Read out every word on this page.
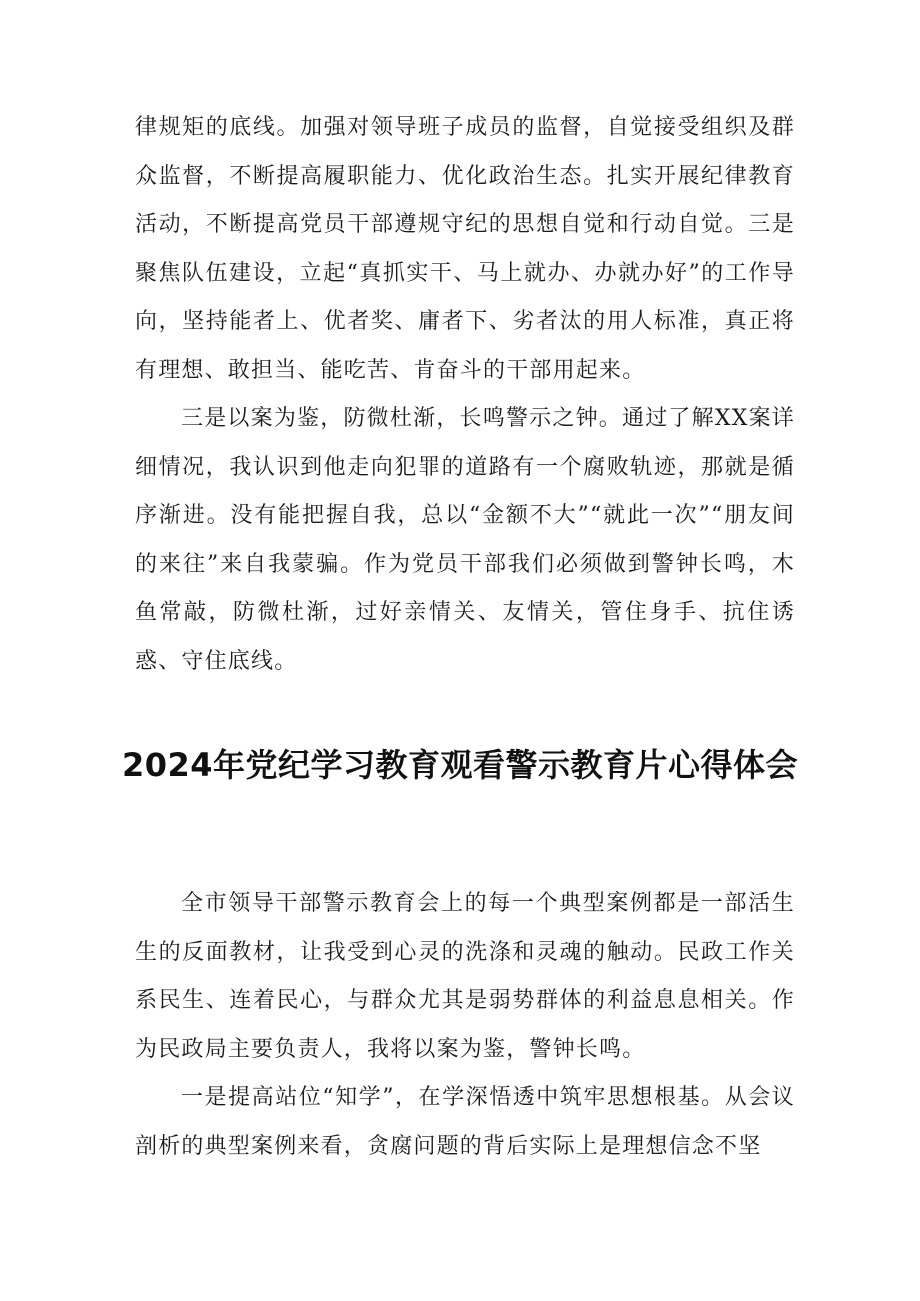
律规矩的底线。加强对领导班子成员的监督，自觉接受组织及群众监督，不断提高履职能力、优化政治生态。扎实开展纪律教育活动，不断提高党员干部遵规守纪的思想自觉和行动自觉。三是聚焦队伍建设，立起“真抓实干、马上就办、办就办好”的工作导向，坚持能者上、优者奖、庸者下、劣者汰的用人标准，真正将有理想、敢担当、能吃苦、肯奋斗的干部用起来。

三是以案为鉴，防微杜渐，长鸣警示之钟。通过了解XX案详细情况，我认识到他走向犯罪的道路有一个腐败轨迹，那就是循序渐进。没有能把握自我，总以“金额不大”“就此一次”“朋友间的来往”来自我蒙骗。作为党员干部我们必须做到警钟长鸣，木鱼常敲，防微杜渐，过好亲情关、友情关，管住身手、抗住诱惑、守住底线。

2024年党纪学习教育观看警示教育片心得体会

全市领导干部警示教育会上的每一个典型案例都是一部活生生的反面教材，让我受到心灵的洗涤和灵魂的触动。民政工作关系民生、连着民心，与群众尤其是弱势群体的利益息息相关。作为民政局主要负责人，我将以案为鉴，警钟长鸣。

一是提高站位“知学”，在学深悟透中筑牢思想根基。从会议剖析的典型案例来看，贪腐问题的背后实际上是理想信念不坚
